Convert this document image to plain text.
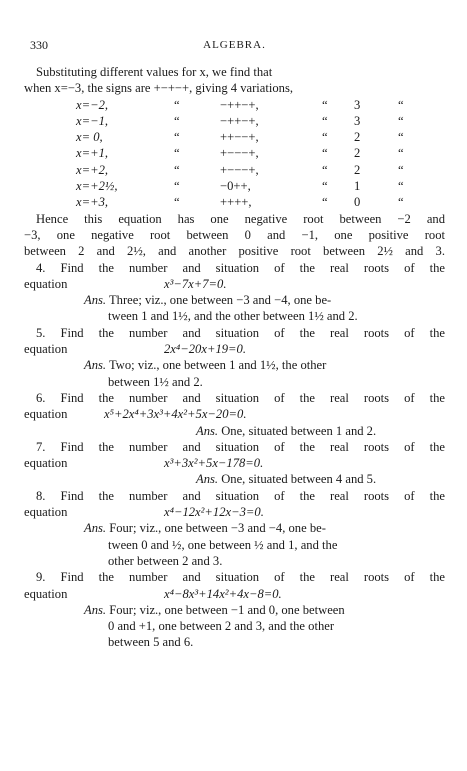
330	ALGEBRA.
Substituting different values for x, we find that
when x=−3, the signs are +−+−+, giving 4 variations,
x=−2,	“	−++−+,	“ 3	“
x=−1,	“	−++−+,	“ 3	“
x= 0,	“	++−−+,	“ 2	“
x=+1,	“	+−−−+,	“ 2	“
x=+2,	“	+−−−+,	“ 2	“
x=+2½,	“	−0++,	“ 1	“
x=+3,	“	++++,	“ 0	“
Hence this equation has one negative root between −2 and
−3, one negative root between 0 and −1, one positive root
between 2 and 2½, and another positive root between 2½ and 3.
4. Find the number and situation of the real roots of the
equation	x³−7x+7=0.
Ans. Three; viz., one between −3 and −4, one be-
tween 1 and 1½, and the other between 1½ and 2.
5. Find the number and situation of the real roots of the
equation	2x⁴−20x+19=0.
Ans. Two; viz., one between 1 and 1½, the other
between 1½ and 2.
6. Find the number and situation of the real roots of the
equation	x⁵+2x⁴+3x³+4x²+5x−20=0.
Ans. One, situated between 1 and 2.
7. Find the number and situation of the real roots of the
equation	x³+3x²+5x−178=0.
Ans. One, situated between 4 and 5.
8. Find the number and situation of the real roots of the
equation	x⁴−12x²+12x−3=0.
Ans. Four; viz., one between −3 and −4, one be-
tween 0 and ½, one between ½ and 1, and the
other between 2 and 3.
9. Find the number and situation of the real roots of the
equation	x⁴−8x³+14x²+4x−8=0.
Ans. Four; viz., one between −1 and 0, one between
0 and +1, one between 2 and 3, and the other
between 5 and 6.
